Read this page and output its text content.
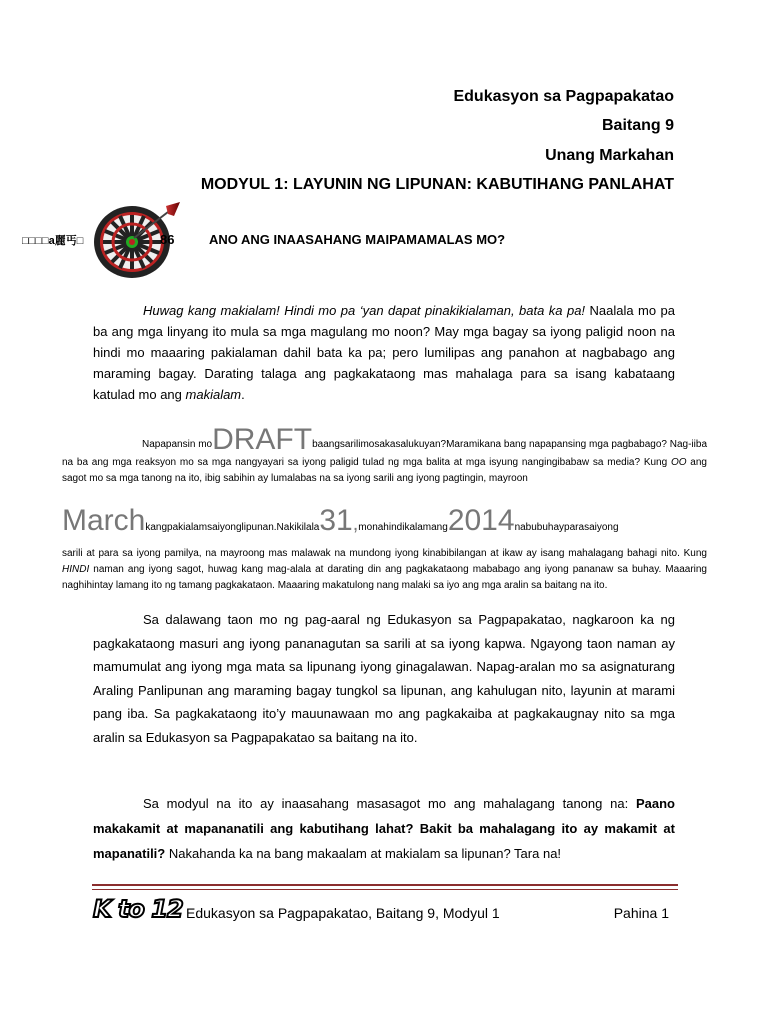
Edukasyon sa Pagpapakatao
Baitang 9
Unang Markahan
MODYUL 1: LAYUNIN NG LIPUNAN: KABUTIHANG PANLAHAT
□□□□a麗丐□	86	ANO ANG INAASAHANG MAIPAMAMALAS MO?
Huwag kang makialam! Hindi mo pa ‘yan dapat pinakikialaman, bata ka pa! Naalala mo pa ba ang mga linyang ito mula sa mga magulang mo noon? May mga bagay sa iyong paligid noon na hindi mo maaaring pakialaman dahil bata ka pa; pero lumilipas ang panahon at nagbabago ang maraming bagay. Darating talaga ang pagkakataong mas mahalaga para sa isang kabataang katulad mo ang makialam.
Napapansin moDRAFTbaangsarilimosakasalukuyan?Maramikana bang napapansing mga pagbabago? Nag-iiba na ba ang mga reaksyon mo sa mga nangyayari sa iyong paligid tulad ng mga balita at mga isyung nangingibabaw sa media? Kung OO ang sagot mo sa mga tanong na ito, ibig sabihin ay lumalabas na sa iyong sarili ang iyong pagtingin, mayroon
Marchkangpakialamsaiyonglipunan.Nakikilala31,monahindikalamang2014nabubuhayparasaiyong
sarili at para sa iyong pamilya, na mayroong mas malawak na mundong iyong kinabibilangan at ikaw ay isang mahalagang bahagi nito. Kung HINDI naman ang iyong sagot, huwag kang mag-alala at darating din ang pagkakataong mababago ang iyong pananaw sa buhay. Maaaring naghihintay lamang ito ng tamang pagkakataon. Maaaring makatulong nang malaki sa iyo ang mga aralin sa baitang na ito.
Sa dalawang taon mo ng pag-aaral ng Edukasyon sa Pagpapakatao, nagkaroon ka ng pagkakataong masuri ang iyong pananagutan sa sarili at sa iyong kapwa. Ngayong taon naman ay mamumulat ang iyong mga mata sa lipunang iyong ginagalawan. Napag-aralan mo sa asignaturang Araling Panlipunan ang maraming bagay tungkol sa lipunan, ang kahulugan nito, layunin at marami pang iba. Sa pagkakataong ito’y mauunawaan mo ang pagkakaiba at pagkakaugnay nito sa mga aralin sa Edukasyon sa Pagpapakatao sa baitang na ito.
Sa modyul na ito ay inaasahang masasagot mo ang mahalagang tanong na: Paano makakamit at mapananatili ang kabutihang lahat? Bakit ba mahalagang ito ay makamit at mapanatili? Nakahanda ka na bang makaalam at makialam sa lipunan? Tara na!
K to 12 Edukasyon sa Pagpapakatao, Baitang 9, Modyul 1	Pahina 1
